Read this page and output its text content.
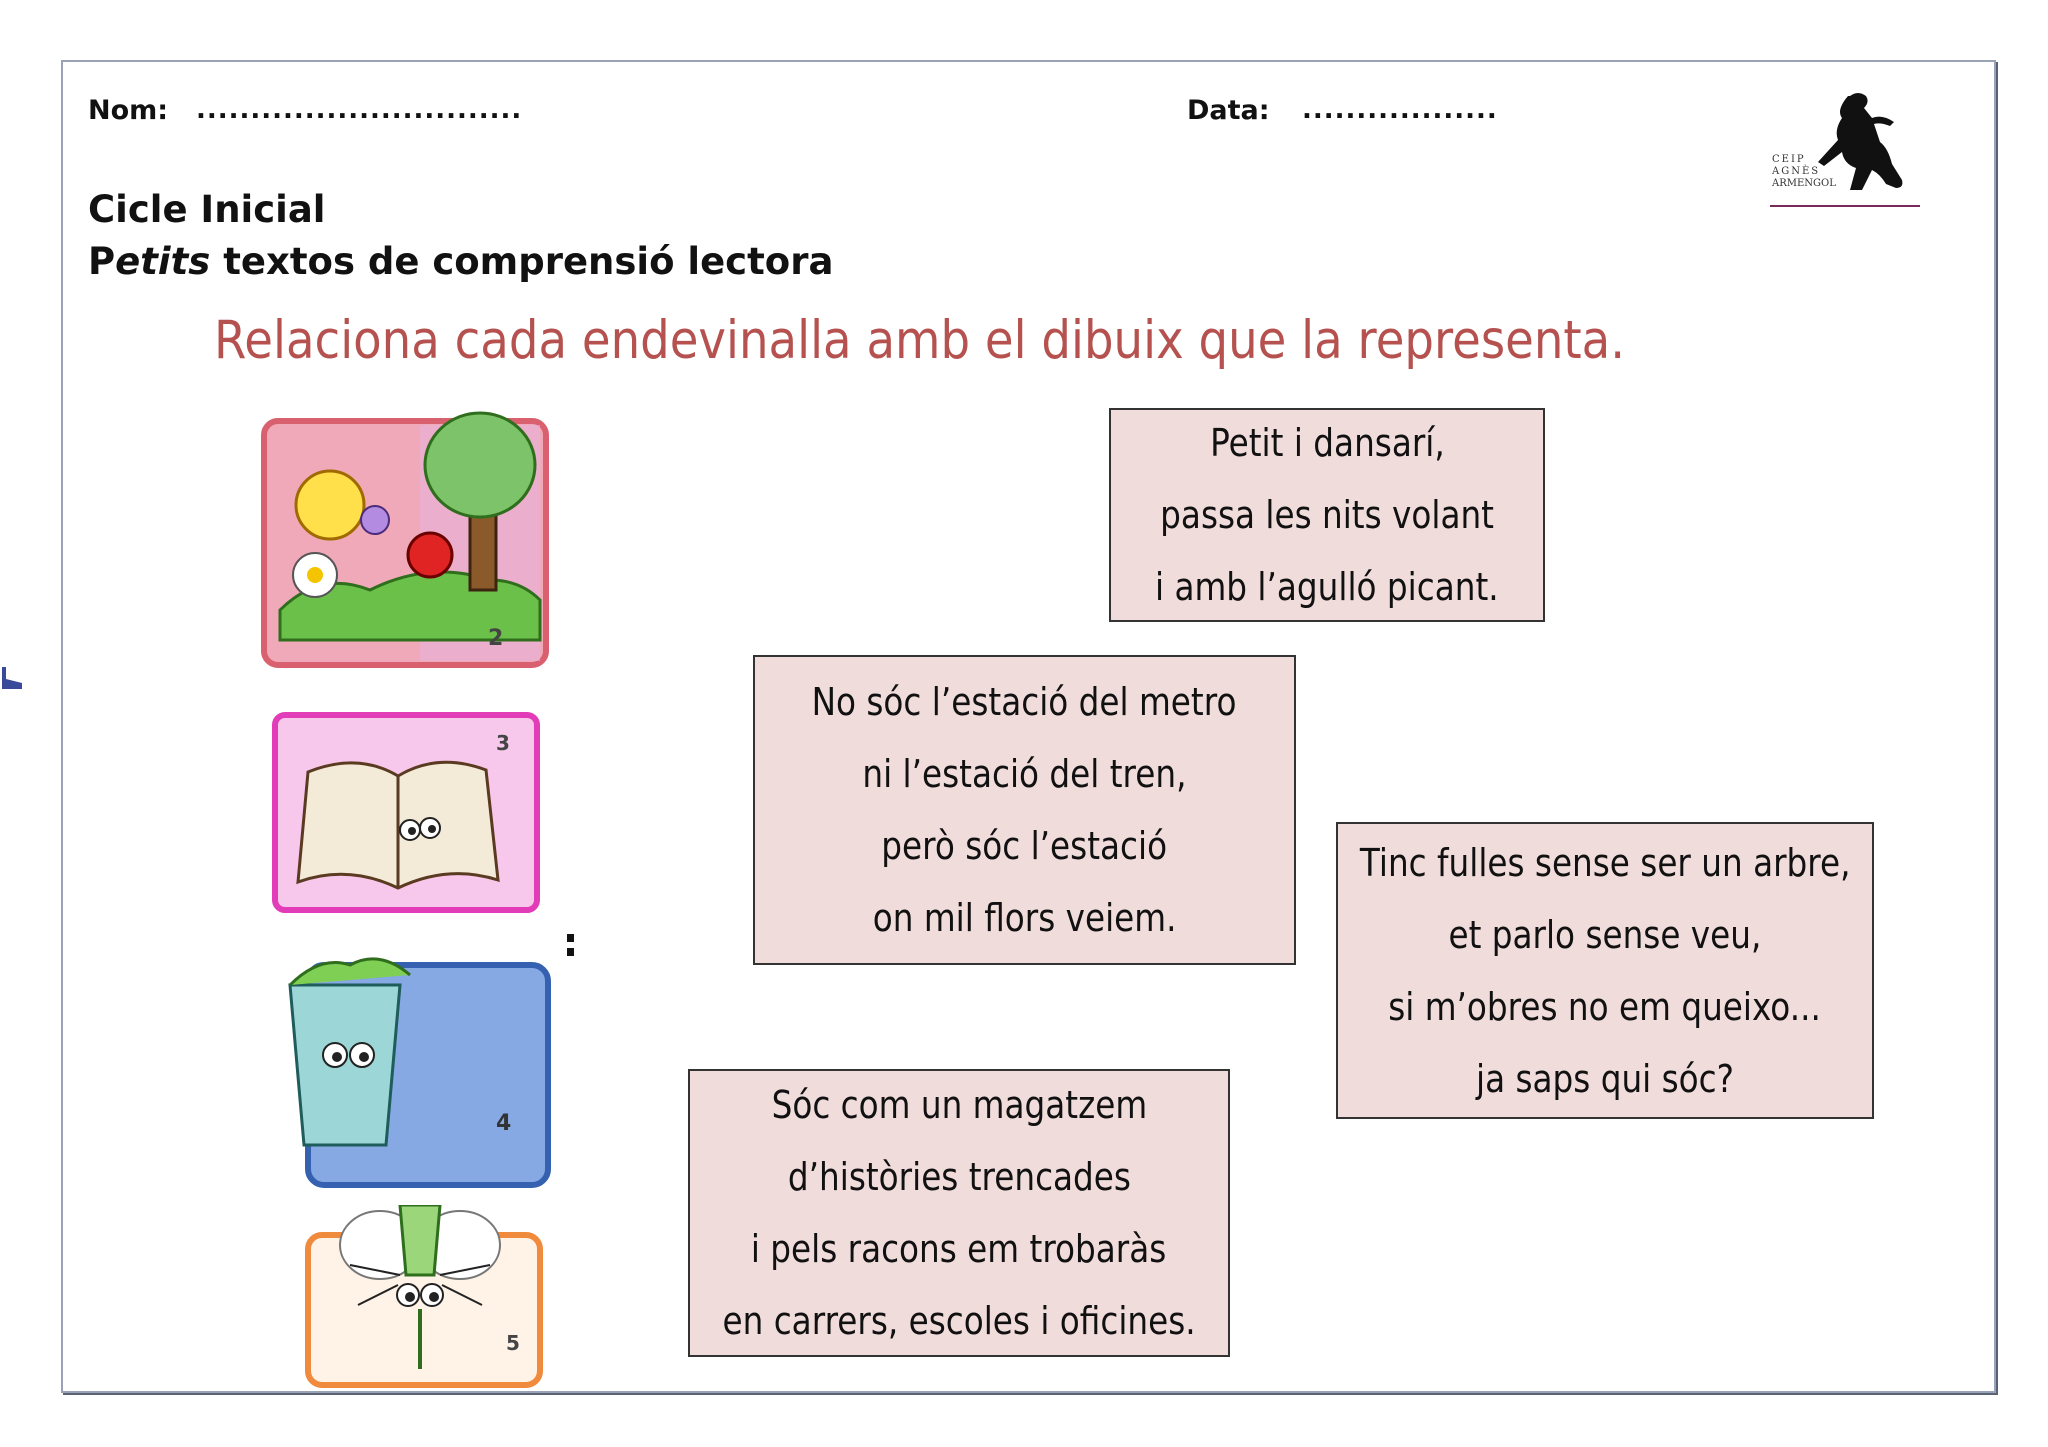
Nom: ..............................	Data: ..................
Cicle Inicial
Petits textos de comprensió lectora
CEIP
AGNÈS
ARMENGOL
Relaciona cada endevinalla amb el dibuix que la representa.
2
3
4
5
Petit i dansarí,
passa les nits volant
i amb l’agulló picant.
No sóc l’estació del metro
ni l’estació del tren,
però sóc l’estació
on mil flors veiem.
Tinc fulles sense ser un arbre,
et parlo sense veu,
si m’obres no em queixo...
ja saps qui sóc?
Sóc com un magatzem
d’històries trencades
i pels racons em trobaràs
en carrers, escoles i oficines.
